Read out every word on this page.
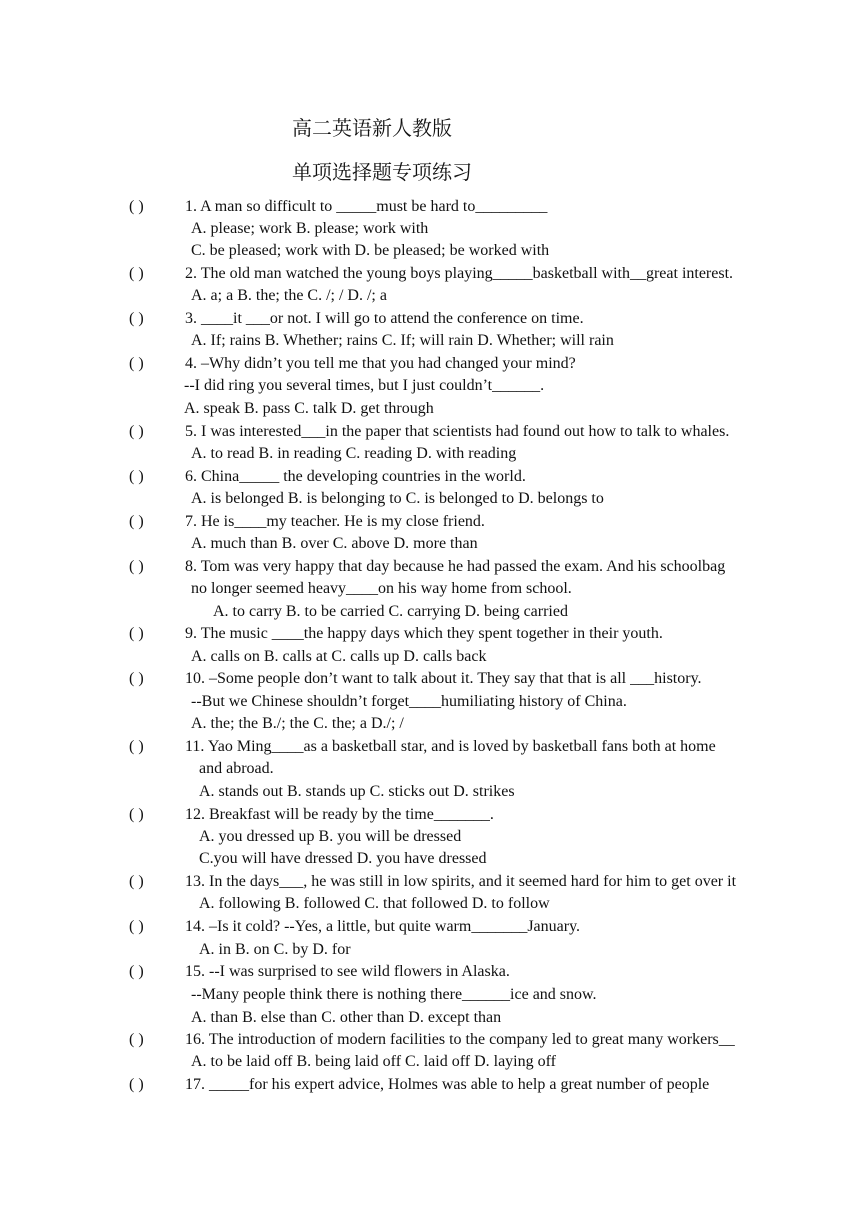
高二英语新人教版
单项选择题专项练习
( )	1. A man so difficult to _____must be hard to_________
A. please; work B. please; work with
C. be pleased; work with D. be pleased; be worked with
( )	2. The old man watched the young boys playing_____basketball with__great interest.
A. a; a B. the; the C. /; / D. /; a
( )	3. ____it ___or not. I will go to attend the conference on time.
A. If; rains B. Whether; rains C. If; will rain D. Whether; will rain
( )	4. –Why didn’t you tell me that you had changed your mind?
--I did ring you several times, but I just couldn’t______.
A. speak B. pass C. talk D. get through
( )	5. I was interested___in the paper that scientists had found out how to talk to whales.
A. to read B. in reading C. reading D. with reading
( )	6. China_____ the developing countries in the world.
A. is belonged B. is belonging to C. is belonged to D. belongs to
( )	7. He is____my teacher. He is my close friend.
A. much than B. over C. above D. more than
( )	8. Tom was very happy that day because he had passed the exam. And his schoolbag
no longer seemed heavy____on his way home from school.
A. to carry B. to be carried C. carrying D. being carried
( )	9. The music ____the happy days which they spent together in their youth.
A. calls on B. calls at C. calls up D. calls back
( )	10. –Some people don’t want to talk about it. They say that that is all ___history.
--But we Chinese shouldn’t forget____humiliating history of China.
A. the; the B./; the C. the; a D./; /
( )	11. Yao Ming____as a basketball star, and is loved by basketball fans both at home
and abroad.
A. stands out B. stands up C. sticks out D. strikes
( )	12. Breakfast will be ready by the time_______.
A. you dressed up B. you will be dressed
C.you will have dressed D. you have dressed
( )	13. In the days___, he was still in low spirits, and it seemed hard for him to get over it
A. following B. followed C. that followed D. to follow
( )	14. –Is it cold? --Yes, a little, but quite warm_______January.
A. in B. on C. by D. for
( )	15. --I was surprised to see wild flowers in Alaska.
--Many people think there is nothing there______ice and snow.
A. than B. else than C. other than D. except than
( )	16. The introduction of modern facilities to the company led to great many workers__
A. to be laid off B. being laid off C. laid off D. laying off
( )	17. _____for his expert advice, Holmes was able to help a great number of people
